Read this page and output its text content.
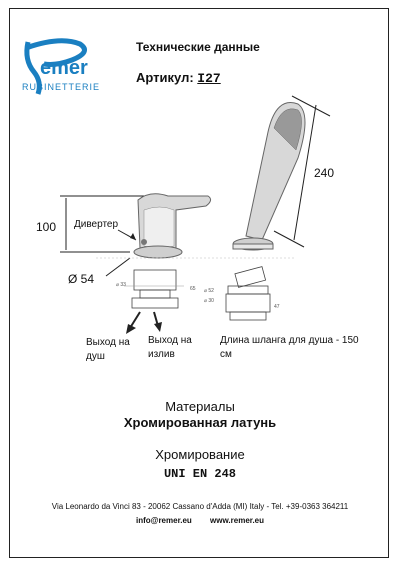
emer
RUBINETTERIE
Технические данные
Артикул: I27
⌀ 33
65 ⌀ 52
⌀ 30
47
240
100
Ø 54
Дивертер
Выход на душ
Выход на излив
Длина шланга для душа - 150 см
Материалы
Хромированная латунь
Хромирование
UNI EN 248
Via Leonardo da Vinci 83 - 20062 Cassano d'Adda (MI) Italy - Tel. +39-0363 364211
info@remer.eu www.remer.eu
